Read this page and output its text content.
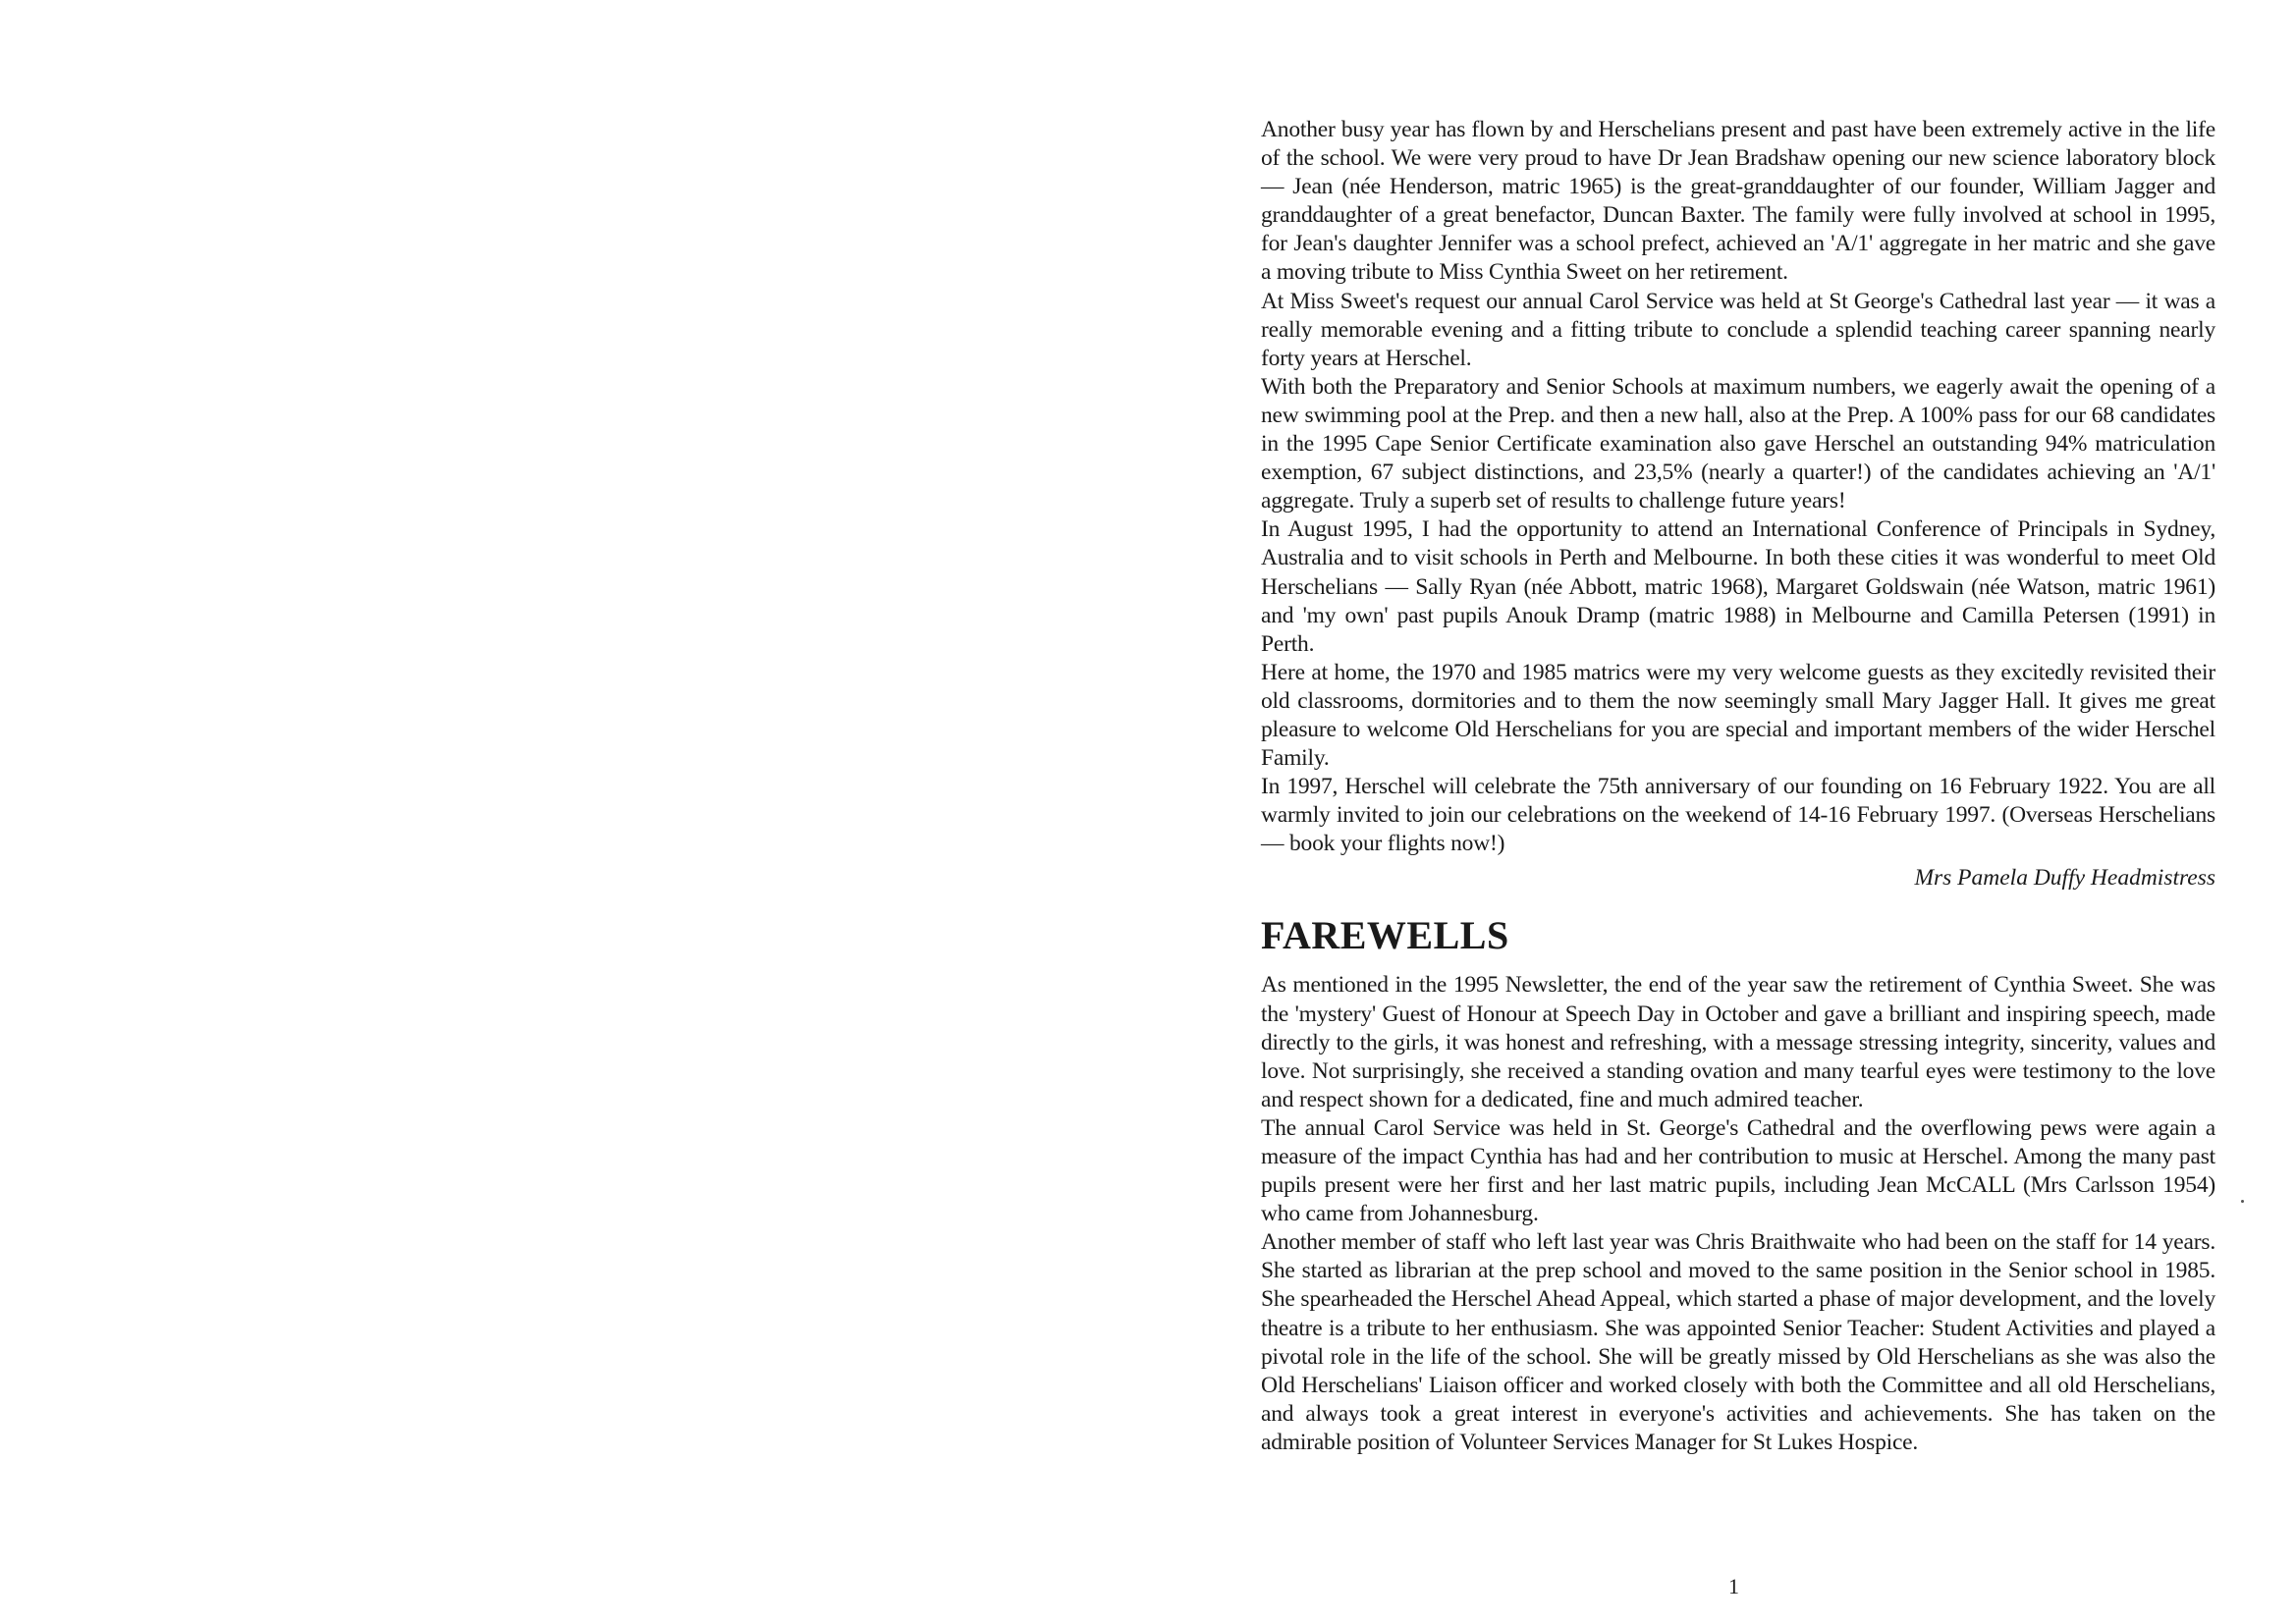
Another busy year has flown by and Herschelians present and past have been extremely active in the life of the school. We were very proud to have Dr Jean Bradshaw opening our new science laboratory block — Jean (née Henderson, matric 1965) is the great-granddaughter of our founder, William Jagger and granddaughter of a great benefactor, Duncan Baxter. The family were fully involved at school in 1995, for Jean's daughter Jennifer was a school prefect, achieved an 'A/1' aggregate in her matric and she gave a moving tribute to Miss Cynthia Sweet on her retirement.

At Miss Sweet's request our annual Carol Service was held at St George's Cathedral last year — it was a really memorable evening and a fitting tribute to conclude a splendid teaching career spanning nearly forty years at Herschel.

With both the Preparatory and Senior Schools at maximum numbers, we eagerly await the opening of a new swimming pool at the Prep. and then a new hall, also at the Prep. A 100% pass for our 68 candidates in the 1995 Cape Senior Certificate examination also gave Herschel an outstanding 94% matriculation exemption, 67 subject distinctions, and 23,5% (nearly a quarter!) of the candidates achieving an 'A/1' aggregate. Truly a superb set of results to challenge future years!

In August 1995, I had the opportunity to attend an International Conference of Principals in Sydney, Australia and to visit schools in Perth and Melbourne. In both these cities it was wonderful to meet Old Herschelians — Sally Ryan (née Abbott, matric 1968), Margaret Goldswain (née Watson, matric 1961) and 'my own' past pupils Anouk Dramp (matric 1988) in Melbourne and Camilla Petersen (1991) in Perth.

Here at home, the 1970 and 1985 matrics were my very welcome guests as they excitedly revisited their old classrooms, dormitories and to them the now seemingly small Mary Jagger Hall. It gives me great pleasure to welcome Old Herschelians for you are special and important members of the wider Herschel Family.

In 1997, Herschel will celebrate the 75th anniversary of our founding on 16 February 1922. You are all warmly invited to join our celebrations on the weekend of 14-16 February 1997. (Overseas Herschelians — book your flights now!)

Mrs Pamela Duffy Headmistress

FAREWELLS

As mentioned in the 1995 Newsletter, the end of the year saw the retirement of Cynthia Sweet. She was the 'mystery' Guest of Honour at Speech Day in October and gave a brilliant and inspiring speech, made directly to the girls, it was honest and refreshing, with a message stressing integrity, sincerity, values and love. Not surprisingly, she received a standing ovation and many tearful eyes were testimony to the love and respect shown for a dedicated, fine and much admired teacher.

The annual Carol Service was held in St. George's Cathedral and the overflowing pews were again a measure of the impact Cynthia has had and her contribution to music at Herschel. Among the many past pupils present were her first and her last matric pupils, including Jean McCALL (Mrs Carlsson 1954) who came from Johannesburg.

Another member of staff who left last year was Chris Braithwaite who had been on the staff for 14 years. She started as librarian at the prep school and moved to the same position in the Senior school in 1985. She spearheaded the Herschel Ahead Appeal, which started a phase of major development, and the lovely theatre is a tribute to her enthusiasm. She was appointed Senior Teacher: Student Activities and played a pivotal role in the life of the school. She will be greatly missed by Old Herschelians as she was also the Old Herschelians' Liaison officer and worked closely with both the Committee and all old Herschelians, and always took a great interest in everyone's activities and achievements. She has taken on the admirable position of Volunteer Services Manager for St Lukes Hospice.

1
